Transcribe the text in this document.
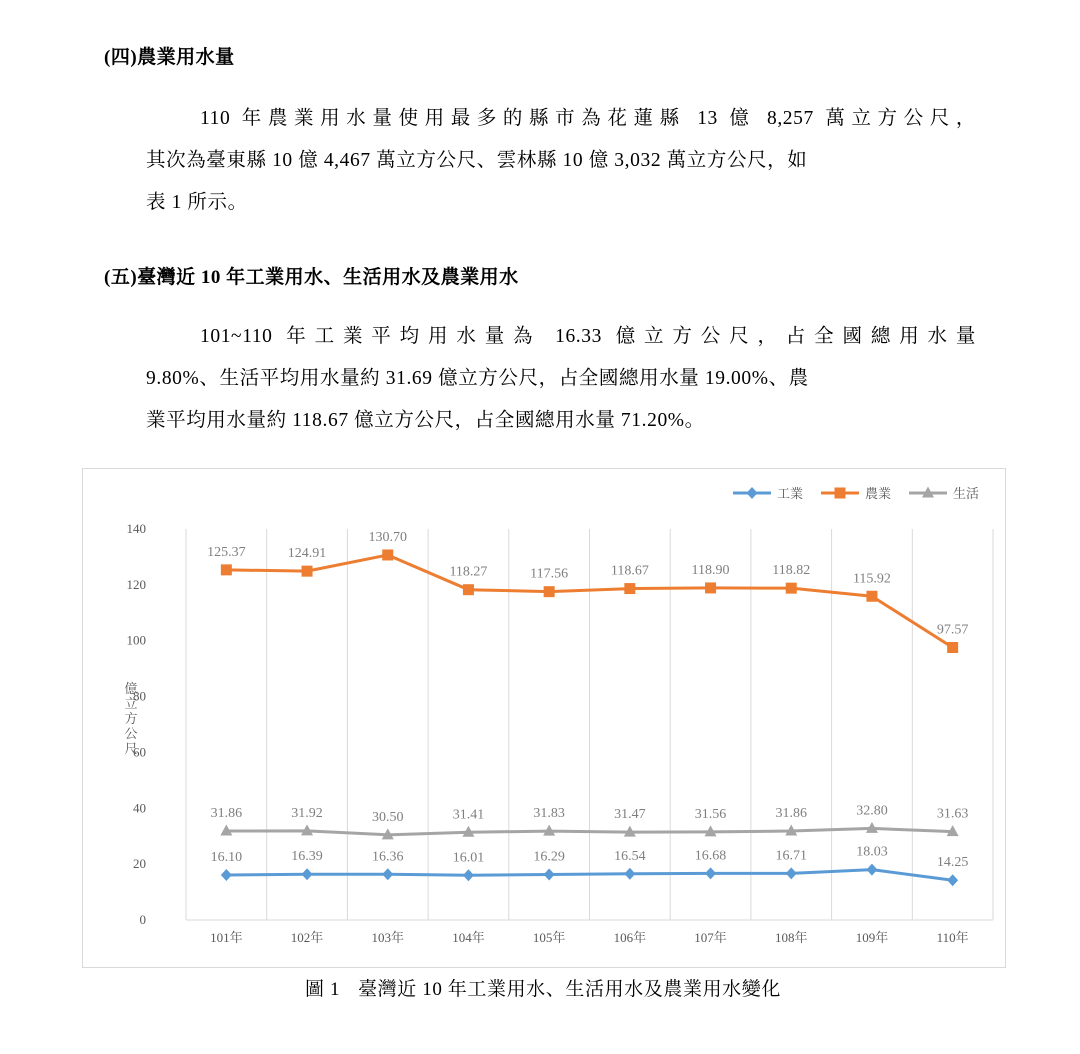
(四)農業用水量
110 年農業用水量使用最多的縣市為花蓮縣 13 億 8,257 萬立方公尺，
其次為臺東縣 10 億 4,467 萬立方公尺、雲林縣 10 億 3,032 萬立方公尺，如
表 1 所示。
(五)臺灣近 10 年工業用水、生活用水及農業用水
101~110 年工業平均用水量為 16.33 億立方公尺，占全國總用水量
9.80%、生活平均用水量約 31.69 億立方公尺，占全國總用水量 19.00%、農
業平均用水量約 118.67 億立方公尺，占全國總用水量 71.20%。
0
20
40
60
80
100
120
140
億立方公尺
101年	102年	103年	104年	105年	106年	107年	108年	109年	110年
16.10	16.39	16.36	16.01	16.29	16.54	16.68	16.71	18.03
14.25
125.37	124.91
130.70
118.27	117.56	118.67	118.90	118.82
115.92
97.57
31.86	31.92	30.50	31.41	31.83	31.47	31.56	31.86	32.80	31.63
工業	農業	生活
圖 1 臺灣近 10 年工業用水、生活用水及農業用水變化
